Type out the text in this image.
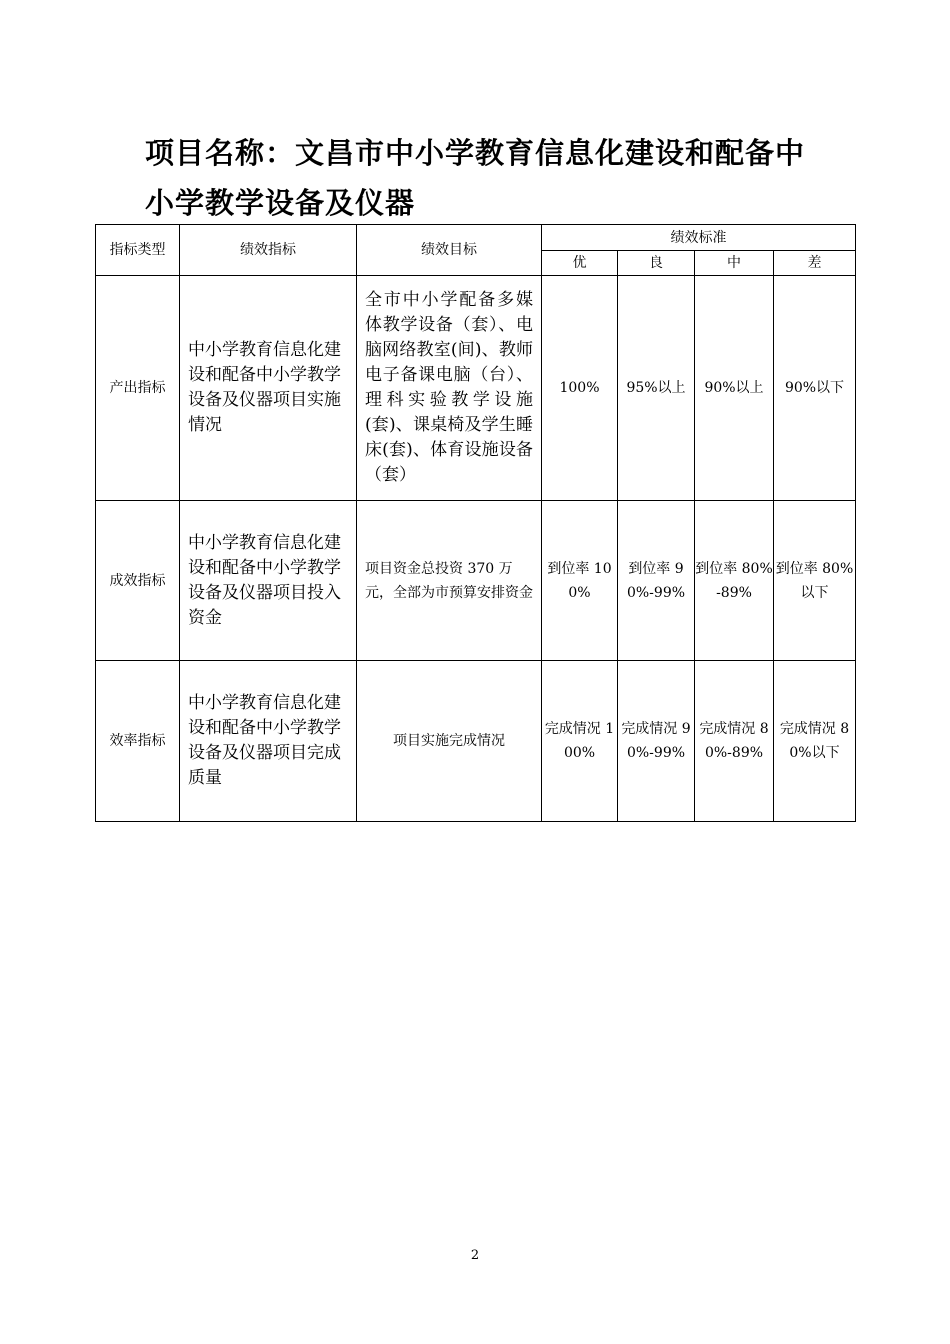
项目名称：文昌市中小学教育信息化建设和配备中小学教学设备及仪器
指标类型	绩效指标	绩效目标	绩效标准			
			优	良	中	差
产出指标	中小学教育信息化建设和配备中小学教学设备及仪器项目实施情况	全市中小学配备多媒体教学设备（套）、电脑网络教室(间)、教师电子备课电脑（台）、理科实验教学设施(套)、课桌椅及学生睡床(套)、体育设施设备（套）	100%	95%以上	90%以上	90%以下
成效指标	中小学教育信息化建设和配备中小学教学设备及仪器项目投入资金	项目资金总投资 370 万元，全部为市预算安排资金	到位率 100%	到位率 90%-99%	到位率 80%-89%	到位率 80%以下
效率指标	中小学教育信息化建设和配备中小学教学设备及仪器项目完成质量	项目实施完成情况	完成情况 100%	完成情况 90%-99%	完成情况 80%-89%	完成情况 80%以下
2
